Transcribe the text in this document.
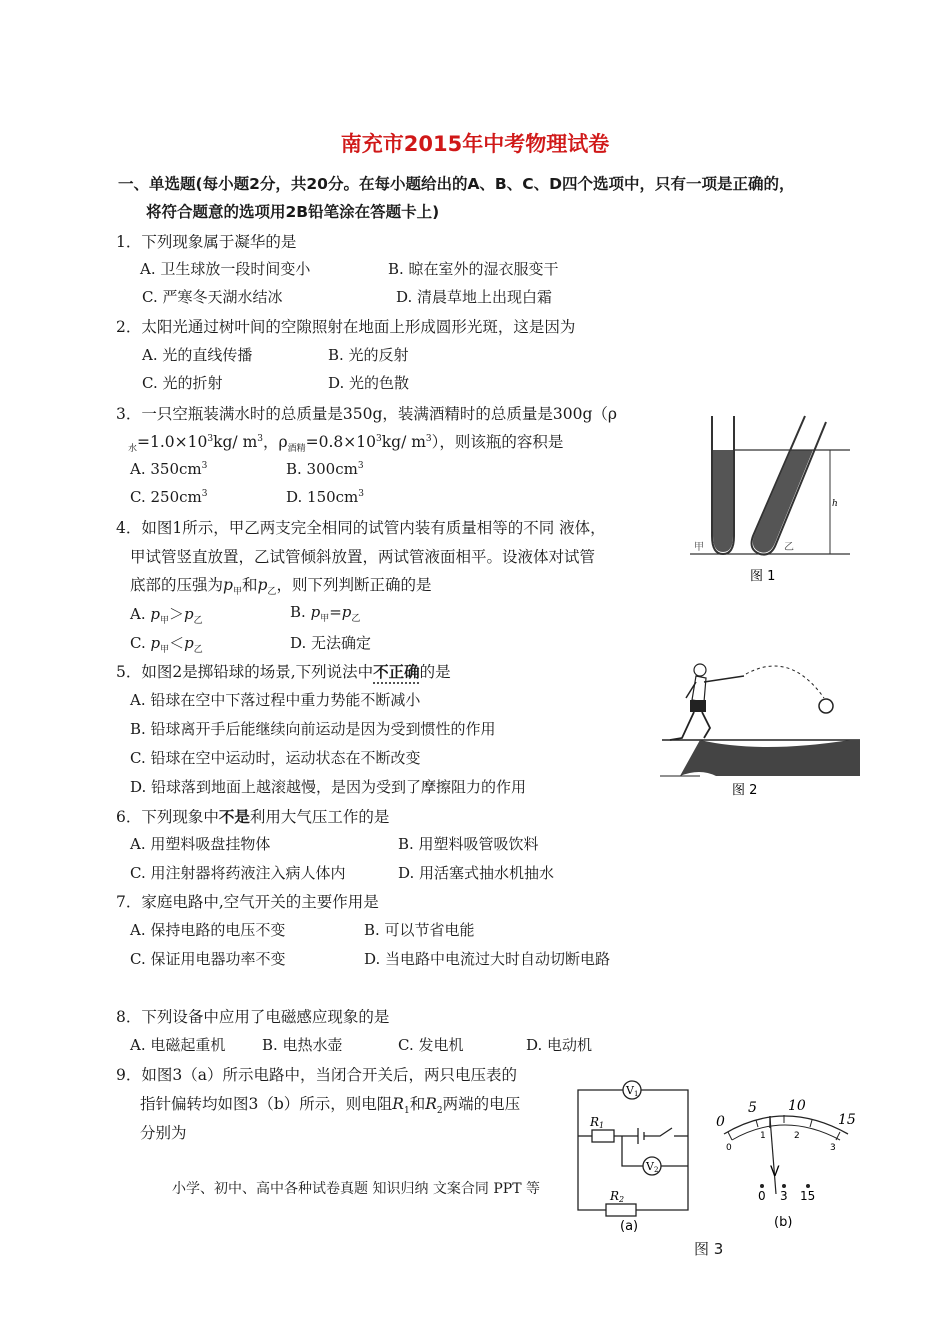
南充市2015年中考物理试卷
一、单选题(每小题2分，共20分。在每小题给出的A、B、C、D四个选项中，只有一项是正确的，
将符合题意的选项用2B铅笔涂在答题卡上)
1．下列现象属于凝华的是
A. 卫生球放一段时间变小	B. 晾在室外的湿衣服变干
C. 严寒冬天湖水结冰	D. 清晨草地上出现白霜
2．太阳光通过树叶间的空隙照射在地面上形成圆形光斑，这是因为
A. 光的直线传播	B. 光的反射
C. 光的折射	D. 光的色散
3．一只空瓶装满水时的总质量是350g，装满酒精时的总质量是300g（ρ
$_水=1.0\times 10^3kg/$ $m^3$，$\rho_{酒精}=0.8\times 10^3kg/$ $m^3$），则该瓶的容积是
A. $350cm^3$	B. $300cm^3$
C. $250cm^3$	D. $150cm^3$
h
甲	乙
图 1
4．如图1所示，甲乙两支完全相同的试管内装有质量相等的不同 液体，
甲试管竖直放置，乙试管倾斜放置，两试管液面相平。设液体对试管
底部的压强为$p_甲$和$p_乙$，则下列判断正确的是
A. $p_甲>p_乙$	B. $p_甲=p_乙$
C. $p_甲<p_乙$	D. 无法确定
5．如图2是掷铅球的场景,下列说法中不正确的是
A. 铅球在空中下落过程中重力势能不断减小
B. 铅球离开手后能继续向前运动是因为受到惯性的作用
C. 铅球在空中运动时，运动状态在不断改变
D. 铅球落到地面上越滚越慢，是因为受到了摩擦阻力的作用	图 2
6．下列现象中不是利用大气压工作的是
A. 用塑料吸盘挂物体	B. 用塑料吸管吸饮料
C. 用注射器将药液注入病人体内	D. 用活塞式抽水机抽水
7．家庭电路中,空气开关的主要作用是
A. 保持电路的电压不变	B. 可以节省电能
C. 保证用电器功率不变	D. 当电路中电流过大时自动切断电路
8．下列设备中应用了电磁感应现象的是
A. 电磁起重机 B. 电热水壶	C. 发电机	D. 电动机
9．如图3（a）所示电路中，当闭合开关后，两只电压表的
指针偏转均如图3（b）所示，则电阻$R_1$和$R_2$两端的电压
分别为
V1
V2
R1
R2
(a)
0
5 10
15
0
1	2
3
V
0 3 15
(b)
图 3
小学、初中、高中各种试卷真题 知识归纳 文案合同 PPT 等
